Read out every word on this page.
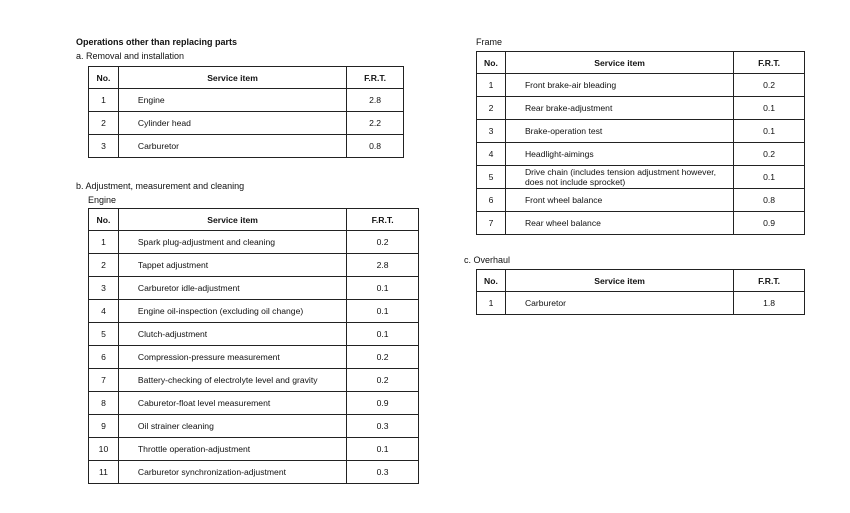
Operations other than replacing parts
a. Removal and installation
No.	Service item	F.R.T.
1	Engine	2.8
2	Cylinder head	2.2
3	Carburetor	0.8
b. Adjustment, measurement and cleaning
Engine
No.	Service item	F.R.T.
1	Spark plug-adjustment and cleaning	0.2
2	Tappet adjustment	2.8
3	Carburetor idle-adjustment	0.1
4	Engine oil-inspection (excluding oil change)	0.1
5	Clutch-adjustment	0.1
6	Compression-pressure measurement	0.2
7	Battery-checking of electrolyte level and gravity	0.2
8	Caburetor-float level measurement	0.9
9	Oil strainer cleaning	0.3
10	Throttle operation-adjustment	0.1
11	Carburetor synchronization-adjustment	0.3
Frame
No.	Service item	F.R.T.
1	Front brake-air bleading	0.2
2	Rear brake-adjustment	0.1
3	Brake-operation test	0.1
4	Headlight-aimings	0.2
5	Drive chain (includes tension adjustment however, does not include sprocket)	0.1
6	Front wheel balance	0.8
7	Rear wheel balance	0.9
c. Overhaul
No.	Service item	F.R.T.
1	Carburetor	1.8
